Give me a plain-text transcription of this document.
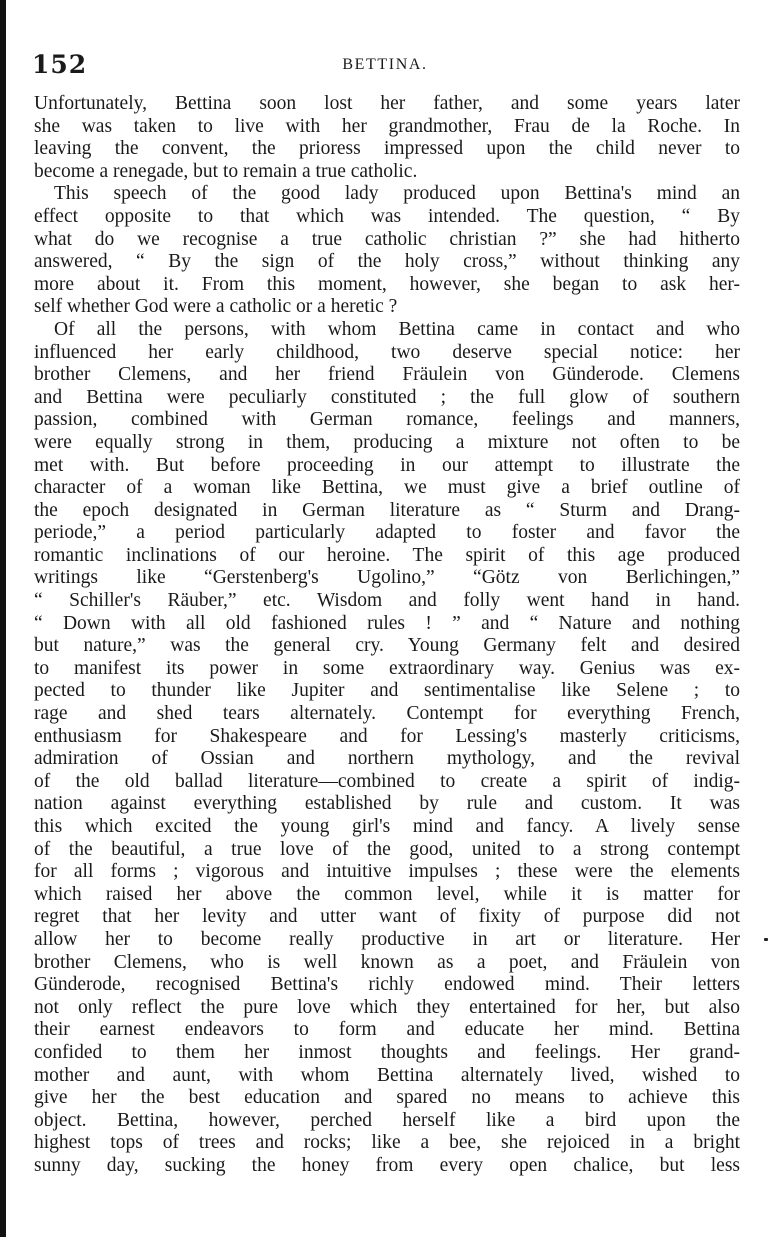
152	BETTINA.
Unfortunately, Bettina soon lost her father, and some years later
she was taken to live with her grandmother, Frau de la Roche. In
leaving the convent, the prioress impressed upon the child never to
become a renegade, but to remain a true catholic.
This speech of the good lady produced upon Bettina's mind an
effect opposite to that which was intended. The question, “ By
what do we recognise a true catholic christian ?” she had hitherto
answered, “ By the sign of the holy cross,” without thinking any
more about it. From this moment, however, she began to ask her-
self whether God were a catholic or a heretic ?
Of all the persons, with whom Bettina came in contact and who
influenced her early childhood, two deserve special notice: her
brother Clemens, and her friend Fräulein von Günderode. Clemens
and Bettina were peculiarly constituted ; the full glow of southern
passion, combined with German romance, feelings and manners,
were equally strong in them, producing a mixture not often to be
met with. But before proceeding in our attempt to illustrate the
character of a woman like Bettina, we must give a brief outline of
the epoch designated in German literature as “ Sturm and Drang-
periode,” a period particularly adapted to foster and favor the
romantic inclinations of our heroine. The spirit of this age produced
writings like “Gerstenberg's Ugolino,” “Götz von Berlichingen,”
“ Schiller's Räuber,” etc. Wisdom and folly went hand in hand.
“ Down with all old fashioned rules ! ” and “ Nature and nothing
but nature,” was the general cry. Young Germany felt and desired
to manifest its power in some extraordinary way. Genius was ex-
pected to thunder like Jupiter and sentimentalise like Selene ; to
rage and shed tears alternately. Contempt for everything French,
enthusiasm for Shakespeare and for Lessing's masterly criticisms,
admiration of Ossian and northern mythology, and the revival
of the old ballad literature—combined to create a spirit of indig-
nation against everything established by rule and custom. It was
this which excited the young girl's mind and fancy. A lively sense
of the beautiful, a true love of the good, united to a strong contempt
for all forms ; vigorous and intuitive impulses ; these were the elements
which raised her above the common level, while it is matter for
regret that her levity and utter want of fixity of purpose did not
allow her to become really productive in art or literature. Her
brother Clemens, who is well known as a poet, and Fräulein von
Günderode, recognised Bettina's richly endowed mind. Their letters
not only reflect the pure love which they entertained for her, but also
their earnest endeavors to form and educate her mind. Bettina
confided to them her inmost thoughts and feelings. Her grand-
mother and aunt, with whom Bettina alternately lived, wished to
give her the best education and spared no means to achieve this
object. Bettina, however, perched herself like a bird upon the
highest tops of trees and rocks; like a bee, she rejoiced in a bright
sunny day, sucking the honey from every open chalice, but less
